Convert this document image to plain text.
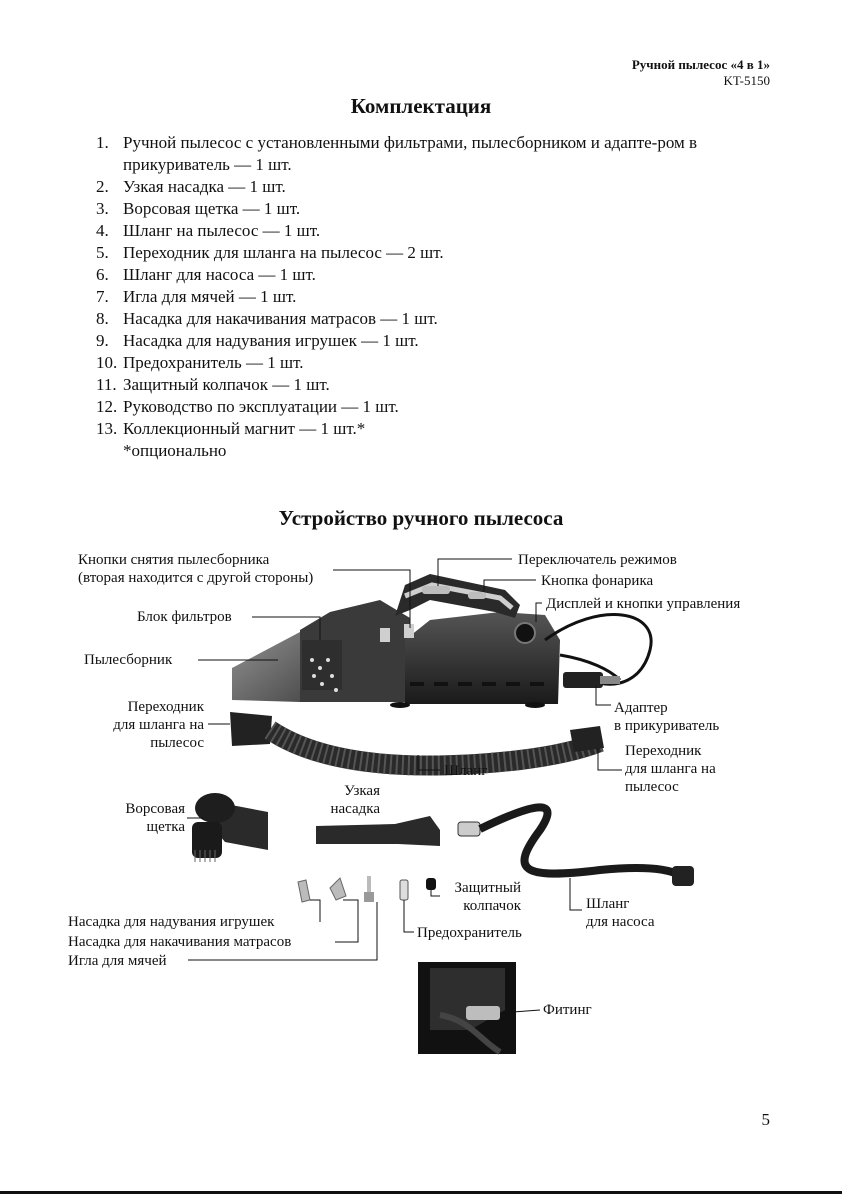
Ручной пылесос «4 в 1»
KT-5150
Комплектация
1. Ручной пылесос с установленными фильтрами, пылесборником и адапте-ром в прикуриватель — 1 шт.
2. Узкая насадка — 1 шт.
3. Ворсовая щетка — 1 шт.
4. Шланг на пылесос — 1 шт.
5. Переходник для шланга на пылесос — 2 шт.
6. Шланг для насоса — 1 шт.
7. Игла для мячей — 1 шт.
8. Насадка для накачивания матрасов — 1 шт.
9. Насадка для надувания игрушек — 1 шт.
10. Предохранитель — 1 шт.
11. Защитный колпачок — 1 шт.
12. Руководство по эксплуатации — 1 шт.
13. Коллекционный магнит — 1 шт.*
*опционально
Устройство ручного пылесоса
Кнопки снятия пылесборника
(вторая находится с другой стороны)
Переключатель режимов
Кнопка фонарика
Дисплей и кнопки управления
Блок фильтров
Пылесборник
Переходник
для шланга на
пылесос
Адаптер
в прикуриватель
Шланг
Переходник
для шланга на
пылесос
Ворсовая
щетка
Узкая
насадка
Защитный
колпачок	Шланг
для насоса
Насадка для надувания игрушек
Насадка для накачивания матрасов
Игла для мячей
Предохранитель
Фитинг
5
